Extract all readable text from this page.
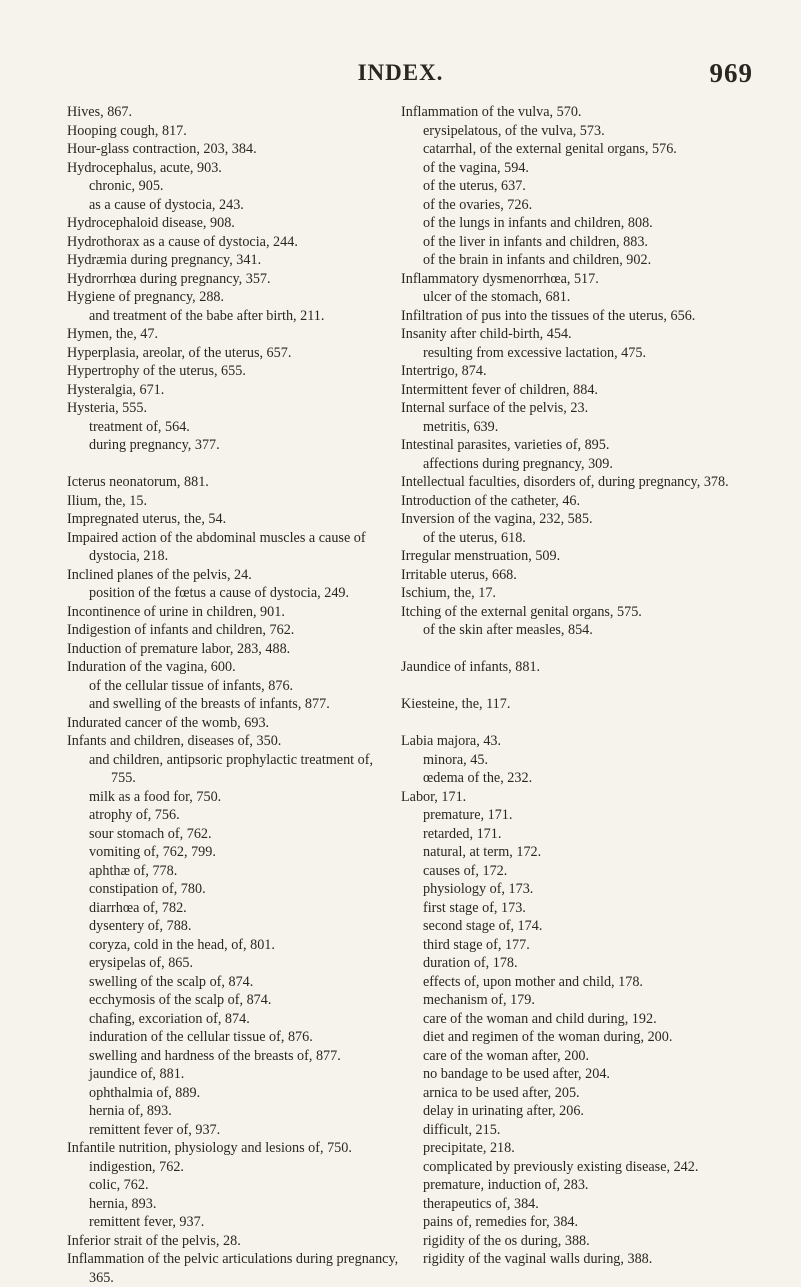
INDEX.	969
Hives, 867.
Hooping cough, 817.
Hour-glass contraction, 203, 384.
Hydrocephalus, acute, 903.
chronic, 905.
as a cause of dystocia, 243.
Hydrocephaloid disease, 908.
Hydrothorax as a cause of dystocia, 244.
Hydræmia during pregnancy, 341.
Hydrorrhœa during pregnancy, 357.
Hygiene of pregnancy, 288.
and treatment of the babe after birth, 211.
Hymen, the, 47.
Hyperplasia, areolar, of the uterus, 657.
Hypertrophy of the uterus, 655.
Hysteralgia, 671.
Hysteria, 555.
treatment of, 564.
during pregnancy, 377.
Icterus neonatorum, 881.
Ilium, the, 15.
Impregnated uterus, the, 54.
Impaired action of the abdominal muscles a cause of dystocia, 218.
Inclined planes of the pelvis, 24.
position of the fœtus a cause of dystocia, 249.
Incontinence of urine in children, 901.
Indigestion of infants and children, 762.
Induction of premature labor, 283, 488.
Induration of the vagina, 600.
of the cellular tissue of infants, 876.
and swelling of the breasts of infants, 877.
Indurated cancer of the womb, 693.
Infants and children, diseases of, 350.
and children, antipsoric prophylactic treatment of, 755.
milk as a food for, 750.
atrophy of, 756.
sour stomach of, 762.
vomiting of, 762, 799.
aphthæ of, 778.
constipation of, 780.
diarrhœa of, 782.
dysentery of, 788.
coryza, cold in the head, of, 801.
erysipelas of, 865.
swelling of the scalp of, 874.
ecchymosis of the scalp of, 874.
chafing, excoriation of, 874.
induration of the cellular tissue of, 876.
swelling and hardness of the breasts of, 877.
jaundice of, 881.
ophthalmia of, 889.
hernia of, 893.
remittent fever of, 937.
Infantile nutrition, physiology and lesions of, 750.
indigestion, 762.
colic, 762.
hernia, 893.
remittent fever, 937.
Inferior strait of the pelvis, 28.
Inflammation of the pelvic articulations during pregnancy, 365.
Inflammation of the vulva, 570.
erysipelatous, of the vulva, 573.
catarrhal, of the external genital organs, 576.
of the vagina, 594.
of the uterus, 637.
of the ovaries, 726.
of the lungs in infants and children, 808.
of the liver in infants and children, 883.
of the brain in infants and children, 902.
Inflammatory dysmenorrhœa, 517.
ulcer of the stomach, 681.
Infiltration of pus into the tissues of the uterus, 656.
Insanity after child-birth, 454.
resulting from excessive lactation, 475.
Intertrigo, 874.
Intermittent fever of children, 884.
Internal surface of the pelvis, 23.
metritis, 639.
Intestinal parasites, varieties of, 895.
affections during pregnancy, 309.
Intellectual faculties, disorders of, during pregnancy, 378.
Introduction of the catheter, 46.
Inversion of the vagina, 232, 585.
of the uterus, 618.
Irregular menstruation, 509.
Irritable uterus, 668.
Ischium, the, 17.
Itching of the external genital organs, 575.
of the skin after measles, 854.
Jaundice of infants, 881.
Kiesteine, the, 117.
Labia majora, 43.
minora, 45.
œdema of the, 232.
Labor, 171.
premature, 171.
retarded, 171.
natural, at term, 172.
causes of, 172.
physiology of, 173.
first stage of, 173.
second stage of, 174.
third stage of, 177.
duration of, 178.
effects of, upon mother and child, 178.
mechanism of, 179.
care of the woman and child during, 192.
diet and regimen of the woman during, 200.
care of the woman after, 200.
no bandage to be used after, 204.
arnica to be used after, 205.
delay in urinating after, 206.
difficult, 215.
precipitate, 218.
complicated by previously existing disease, 242.
premature, induction of, 283.
therapeutics of, 384.
pains of, remedies for, 384.
rigidity of the os during, 388.
rigidity of the vaginal walls during, 388.
